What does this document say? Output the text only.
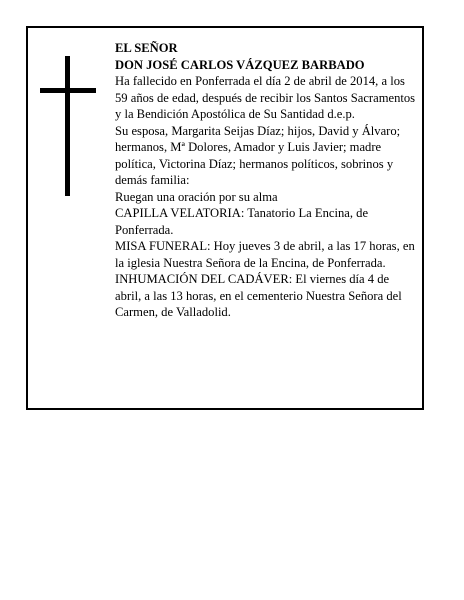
EL SEÑOR

DON JOSÉ CARLOS VÁZQUEZ BARBADO

Ha fallecido en Ponferrada el día 2 de abril de 2014, a los 59 años de edad, después de recibir los Santos Sacramentos y la Bendición Apostólica de Su Santidad d.e.p.

Su esposa, Margarita Seijas Díaz; hijos, David y Álvaro; hermanos, Mª Dolores, Amador y Luis Javier; madre política, Victorina Díaz; hermanos políticos, sobrinos y demás familia:

Ruegan una oración por su alma

CAPILLA VELATORIA: Tanatorio La Encina, de Ponferrada.

MISA FUNERAL: Hoy jueves 3 de abril, a las 17 horas, en la iglesia Nuestra Señora de la Encina, de Ponferrada.

INHUMACIÓN DEL CADÁVER: El viernes día 4 de abril, a las 13 horas, en el cementerio Nuestra Señora del Carmen, de Valladolid.
